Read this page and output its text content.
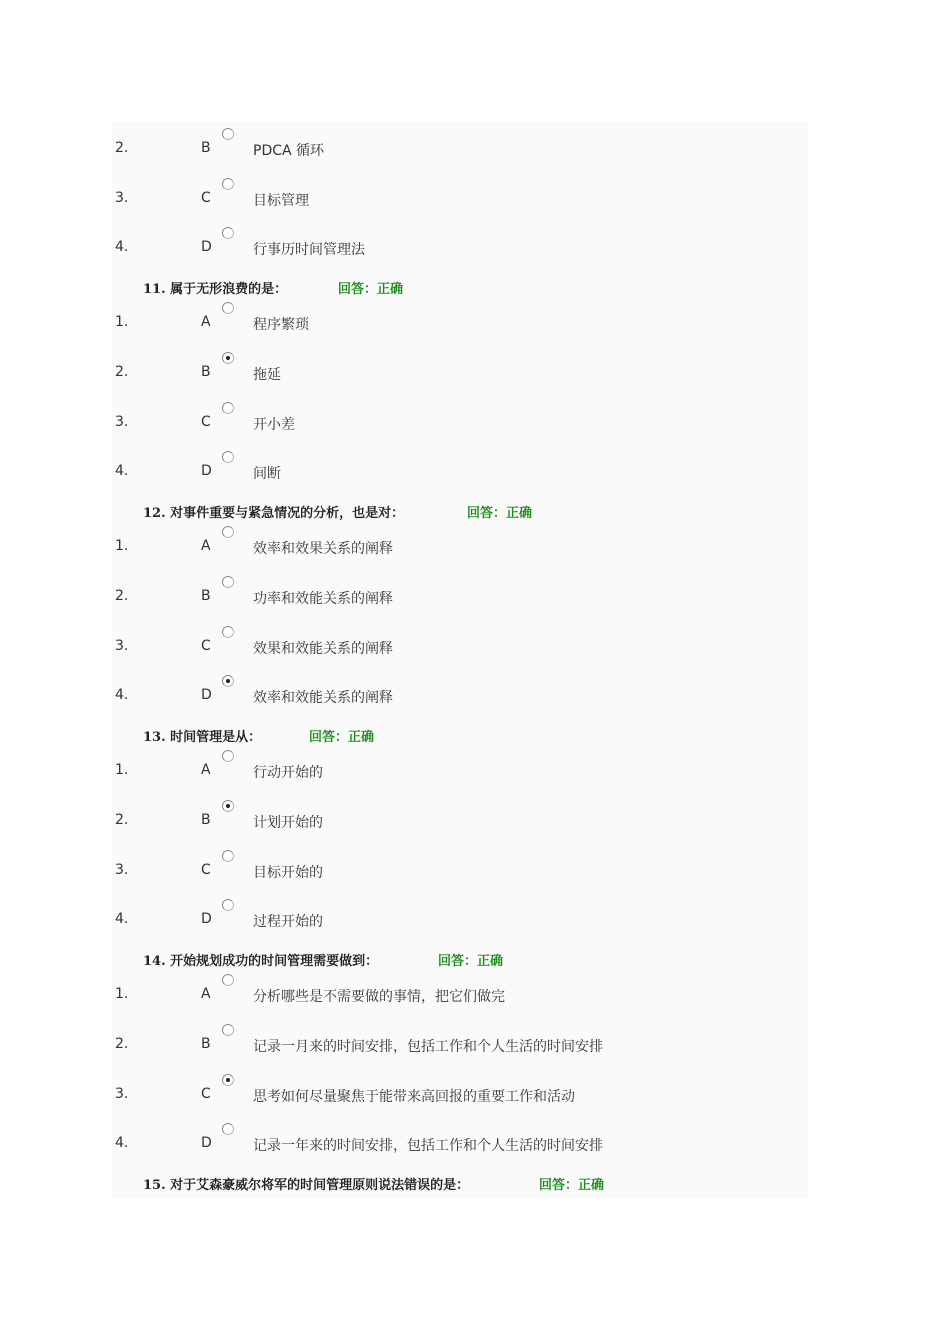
2.	B	PDCA 循环
3.	C	目标管理
4.	D	行事历时间管理法
11. 属于无形浪费的是：	回答：正确
1.	A	程序繁琐
2.	B	拖延
3.	C	开小差
4.	D	间断
12. 对事件重要与紧急情况的分析，也是对：	回答：正确
1.	A	效率和效果关系的阐释
2.	B	功率和效能关系的阐释
3.	C	效果和效能关系的阐释
4.	D	效率和效能关系的阐释
13. 时间管理是从：	回答：正确
1.	A	行动开始的
2.	B	计划开始的
3.	C	目标开始的
4.	D	过程开始的
14. 开始规划成功的时间管理需要做到：	回答：正确
1.	A	分析哪些是不需要做的事情，把它们做完
2.	B	记录一月来的时间安排，包括工作和个人生活的时间安排
3.	C	思考如何尽量聚焦于能带来高回报的重要工作和活动
4.	D	记录一年来的时间安排，包括工作和个人生活的时间安排
15. 对于艾森豪威尔将军的时间管理原则说法错误的是：	回答：正确
